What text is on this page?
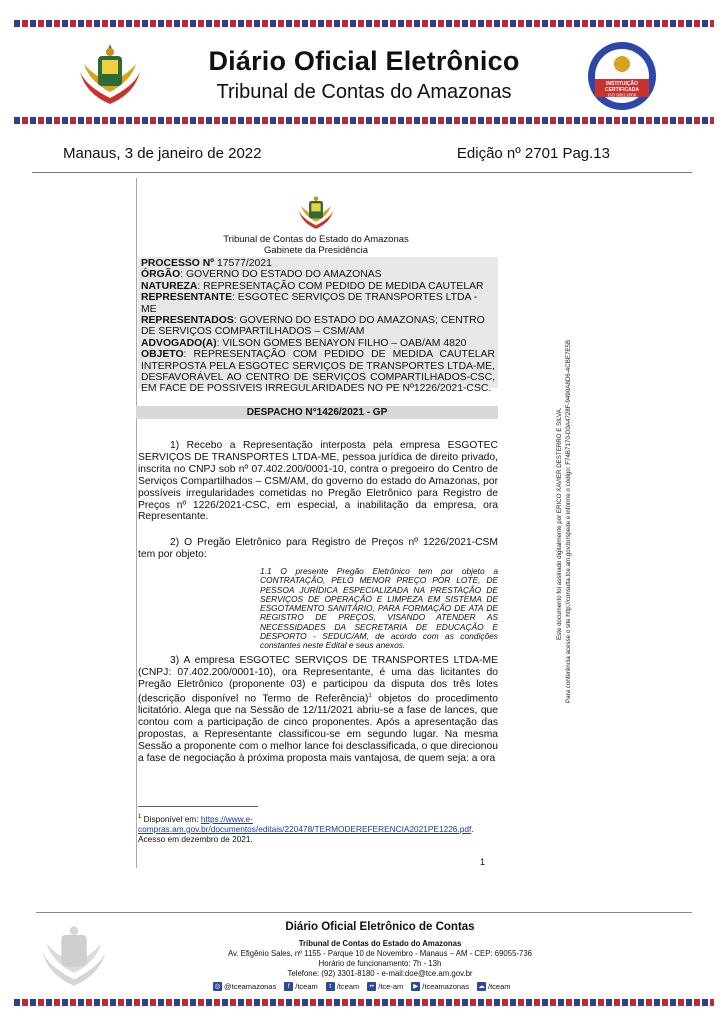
Diário Oficial Eletrônico
Tribunal de Contas do Amazonas	INSTITUIÇÃO
CERTIFICADA
ISO 9001:2008
Manaus, 3 de janeiro de 2022	Edição nº 2701 Pag.13
Tribunal de Contas do Estado do Amazonas
Gabinete da Presidência
PROCESSO Nº 17577/2021
ÓRGÃO: GOVERNO DO ESTADO DO AMAZONAS
NATUREZA: REPRESENTAÇÃO COM PEDIDO DE MEDIDA CAUTELAR
REPRESENTANTE: ESGOTEC SERVIÇOS DE TRANSPORTES LTDA - ME
REPRESENTADOS: GOVERNO DO ESTADO DO AMAZONAS; CENTRO DE SERVIÇOS COMPARTILHADOS – CSM/AM
ADVOGADO(A): VILSON GOMES BENAYON FILHO – OAB/AM 4820
OBJETO: REPRESENTAÇÃO COM PEDIDO DE MEDIDA CAUTELAR INTERPOSTA PELA ESGOTEC SERVIÇOS DE TRANSPORTES LTDA-ME, DESFAVORÁVEL AO CENTRO DE SERVIÇOS COMPARTILHADOS-CSC, EM FACE DE POSSIVEIS IRREGULARIDADES NO PE Nº1226/2021-CSC.
DESPACHO N°1426/2021 - GP
1) Recebo a Representação interposta pela empresa ESGOTEC SERVIÇOS DE TRANSPORTES LTDA-ME, pessoa jurídica de direito privado, inscrita no CNPJ sob nº 07.402.200/0001-10, contra o pregoeiro do Centro de Serviços Compartilhados – CSM/AM, do governo do estado do Amazonas, por possíveis irregularidades cometidas no Pregão Eletrônico para Registro de Preços nº 1226/2021-CSC, em especial, a inabilitação da empresa, ora Representante.
2) O Pregão Eletrônico para Registro de Preços nº 1226/2021-CSM tem por objeto:
1.1 O presente Pregão Eletrônico tem por objeto a CONTRATAÇÃO, PELO MENOR PREÇO POR LOTE, DE PESSOA JURÍDICA ESPECIALIZADA NA PRESTAÇÃO DE SERVIÇOS DE OPERAÇÃO E LIMPEZA EM SISTEMA DE ESGOTAMENTO SANITÁRIO, PARA FORMAÇÃO DE ATA DE REGISTRO DE PREÇOS, VISANDO ATENDER AS NECESSIDADES DA SECRETARIA DE EDUCAÇÃO E DESPORTO - SEDUC/AM, de acordo com as condições constantes neste Edital e seus anexos.
3) A empresa ESGOTEC SERVIÇOS DE TRANSPORTES LTDA-ME (CNPJ: 07.402.200/0001-10), ora Representante, é uma das licitantes do Pregão Eletrônico (proponente 03) e participou da disputa dos três lotes (descrição disponível no Termo de Referência)$^1$ objetos do procedimento licitatório. Alega que na Sessão de 12/11/2021 abriu-se a fase de lances, que contou com a participação de cinco proponentes. Após a apresentação das propostas, a Representante classificou-se em segundo lugar. Na mesma Sessão a proponente com o melhor lance foi desclassificada, o que direcionou a fase de negociação à próxima proposta mais vantajosa, de quem seja: a ora
$^1$ Disponível em: https://www.e-compras.am.gov.br/documentos/editais/220478/TERMODEREFERENCIA2021PE1226.pdf. Acesso em dezembro de 2021.
1
Este documento foi assinado digitalmente por ERICO XAVIER DESTERRO E SILVA. Para conferência acesse o site http://consulta.tce.am.gov.br/spede e informe o código: F74B7170-D0A4728F-9490A8D6-4CBE7E5B
Diário Oficial Eletrônico de Contas
Tribunal de Contas do Estado do Amazonas
Av. Efigênio Sales, nº 1155 - Parque 10 de Novembro - Manaus – AM - CEP: 69055-736
Horário de funcionamento: 7h - 13h
Telefone: (92) 3301-8180 - e-mail:doe@tce.am.gov.br
◎ @tceamazonas	f /tceam	t /tceam	•• /tce-am	▶ /tceamazonas ☁ /tceam
